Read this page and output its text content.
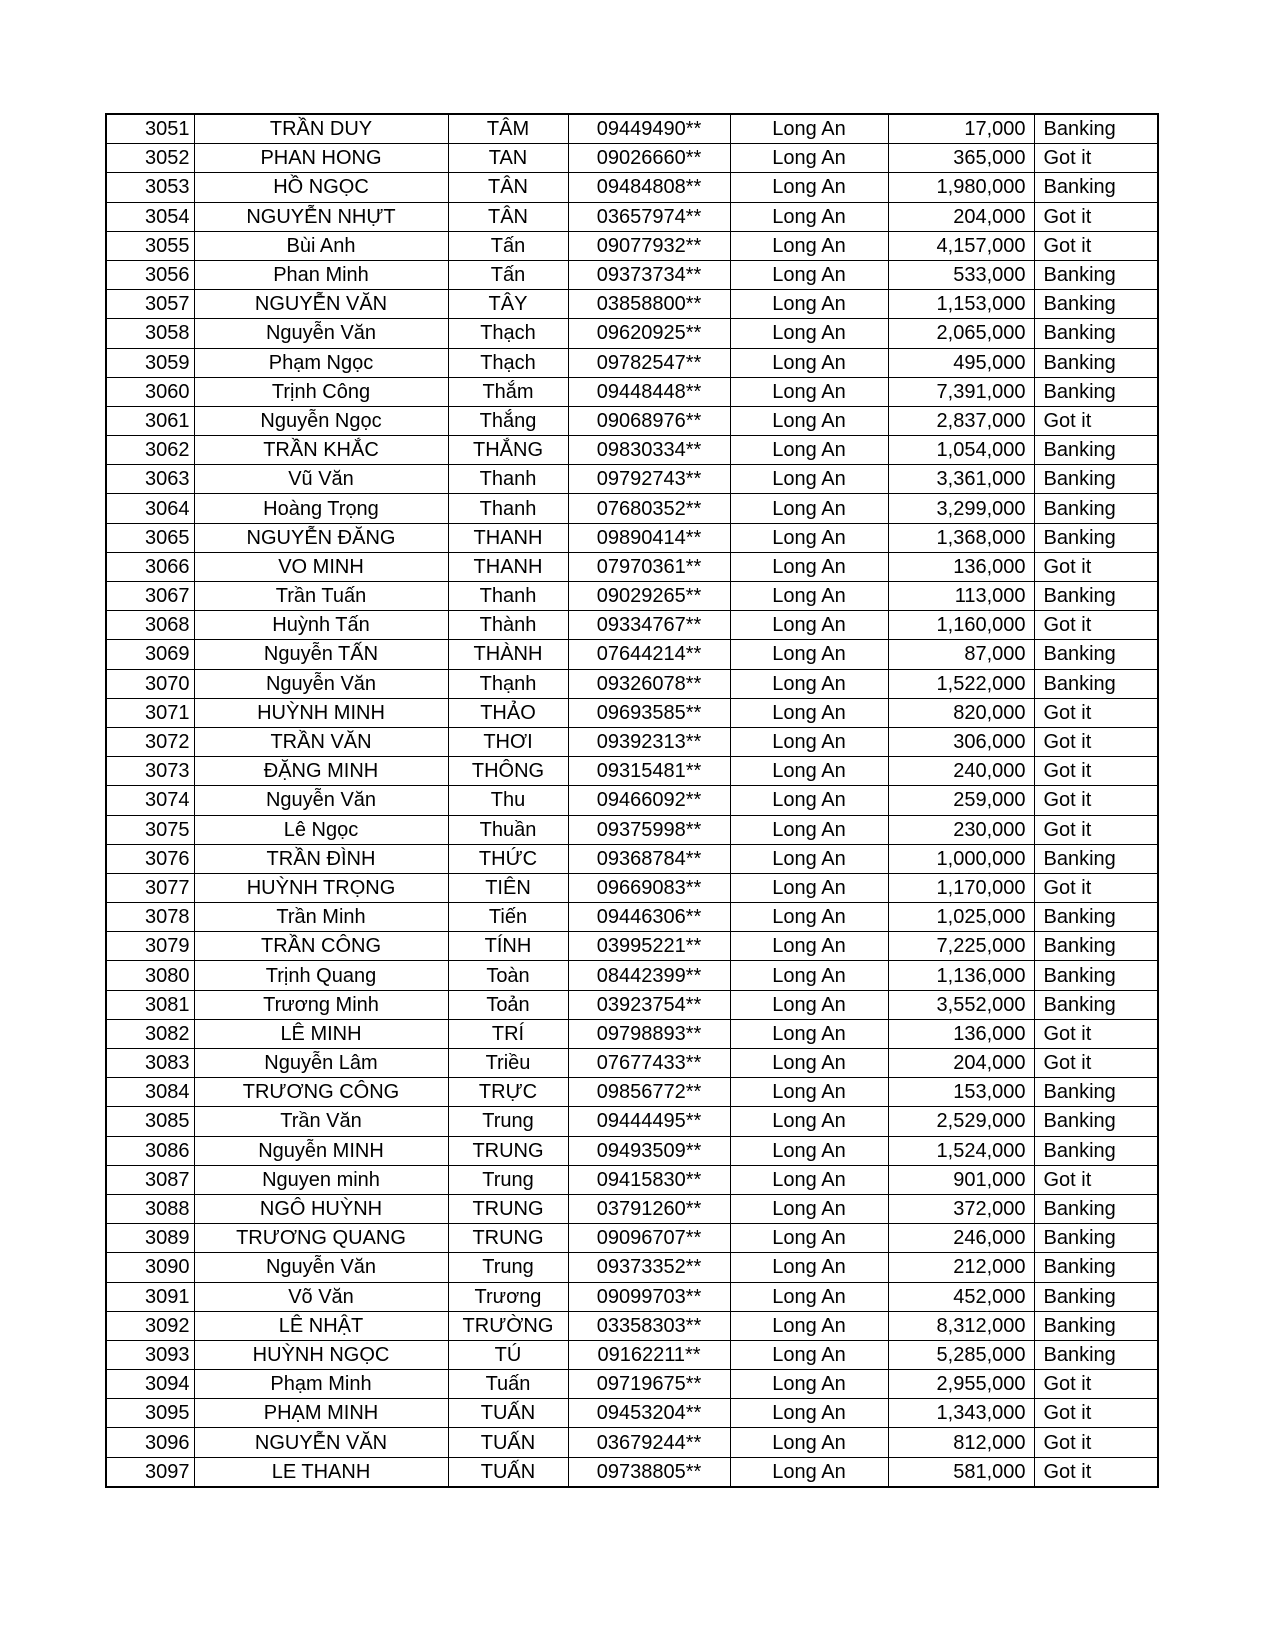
3051	TRẦN DUY	TÂM	09449490**	Long An	17,000	Banking
3052	PHAN HONG	TAN	09026660**	Long An	365,000	Got it
3053	HỒ NGỌC	TÂN	09484808**	Long An	1,980,000	Banking
3054	NGUYỄN NHỰT	TÂN	03657974**	Long An	204,000	Got it
3055	Bùi Anh	Tấn	09077932**	Long An	4,157,000	Got it
3056	Phan Minh	Tấn	09373734**	Long An	533,000	Banking
3057	NGUYỄN VĂN	TÂY	03858800**	Long An	1,153,000	Banking
3058	Nguyễn Văn	Thạch	09620925**	Long An	2,065,000	Banking
3059	Phạm Ngọc	Thạch	09782547**	Long An	495,000	Banking
3060	Trịnh Công	Thắm	09448448**	Long An	7,391,000	Banking
3061	Nguyễn Ngọc	Thắng	09068976**	Long An	2,837,000	Got it
3062	TRẦN KHẮC	THẮNG	09830334**	Long An	1,054,000	Banking
3063	Vũ Văn	Thanh	09792743**	Long An	3,361,000	Banking
3064	Hoàng Trọng	Thanh	07680352**	Long An	3,299,000	Banking
3065	NGUYỄN ĐĂNG	THANH	09890414**	Long An	1,368,000	Banking
3066	VO MINH	THANH	07970361**	Long An	136,000	Got it
3067	Trần Tuấn	Thanh	09029265**	Long An	113,000	Banking
3068	Huỳnh Tấn	Thành	09334767**	Long An	1,160,000	Got it
3069	Nguyễn TẤN	THÀNH	07644214**	Long An	87,000	Banking
3070	Nguyễn Văn	Thạnh	09326078**	Long An	1,522,000	Banking
3071	HUỲNH MINH	THẢO	09693585**	Long An	820,000	Got it
3072	TRẦN VĂN	THƠI	09392313**	Long An	306,000	Got it
3073	ĐẶNG MINH	THÔNG	09315481**	Long An	240,000	Got it
3074	Nguyễn Văn	Thu	09466092**	Long An	259,000	Got it
3075	Lê Ngọc	Thuần	09375998**	Long An	230,000	Got it
3076	TRẦN ĐÌNH	THỨC	09368784**	Long An	1,000,000	Banking
3077	HUỲNH TRỌNG	TIÊN	09669083**	Long An	1,170,000	Got it
3078	Trần Minh	Tiến	09446306**	Long An	1,025,000	Banking
3079	TRẦN CÔNG	TÍNH	03995221**	Long An	7,225,000	Banking
3080	Trịnh Quang	Toàn	08442399**	Long An	1,136,000	Banking
3081	Trương Minh	Toản	03923754**	Long An	3,552,000	Banking
3082	LÊ MINH	TRÍ	09798893**	Long An	136,000	Got it
3083	Nguyễn Lâm	Triều	07677433**	Long An	204,000	Got it
3084	TRƯƠNG CÔNG	TRỰC	09856772**	Long An	153,000	Banking
3085	Trần Văn	Trung	09444495**	Long An	2,529,000	Banking
3086	Nguyễn MINH	TRUNG	09493509**	Long An	1,524,000	Banking
3087	Nguyen minh	Trung	09415830**	Long An	901,000	Got it
3088	NGÔ HUỲNH	TRUNG	03791260**	Long An	372,000	Banking
3089	TRƯƠNG QUANG	TRUNG	09096707**	Long An	246,000	Banking
3090	Nguyễn Văn	Trung	09373352**	Long An	212,000	Banking
3091	Võ Văn	Trương	09099703**	Long An	452,000	Banking
3092	LÊ NHẬT	TRƯỜNG	03358303**	Long An	8,312,000	Banking
3093	HUỲNH NGỌC	TÚ	09162211**	Long An	5,285,000	Banking
3094	Phạm Minh	Tuấn	09719675**	Long An	2,955,000	Got it
3095	PHẠM MINH	TUẤN	09453204**	Long An	1,343,000	Got it
3096	NGUYỄN VĂN	TUẤN	03679244**	Long An	812,000	Got it
3097	LE THANH	TUẤN	09738805**	Long An	581,000	Got it
